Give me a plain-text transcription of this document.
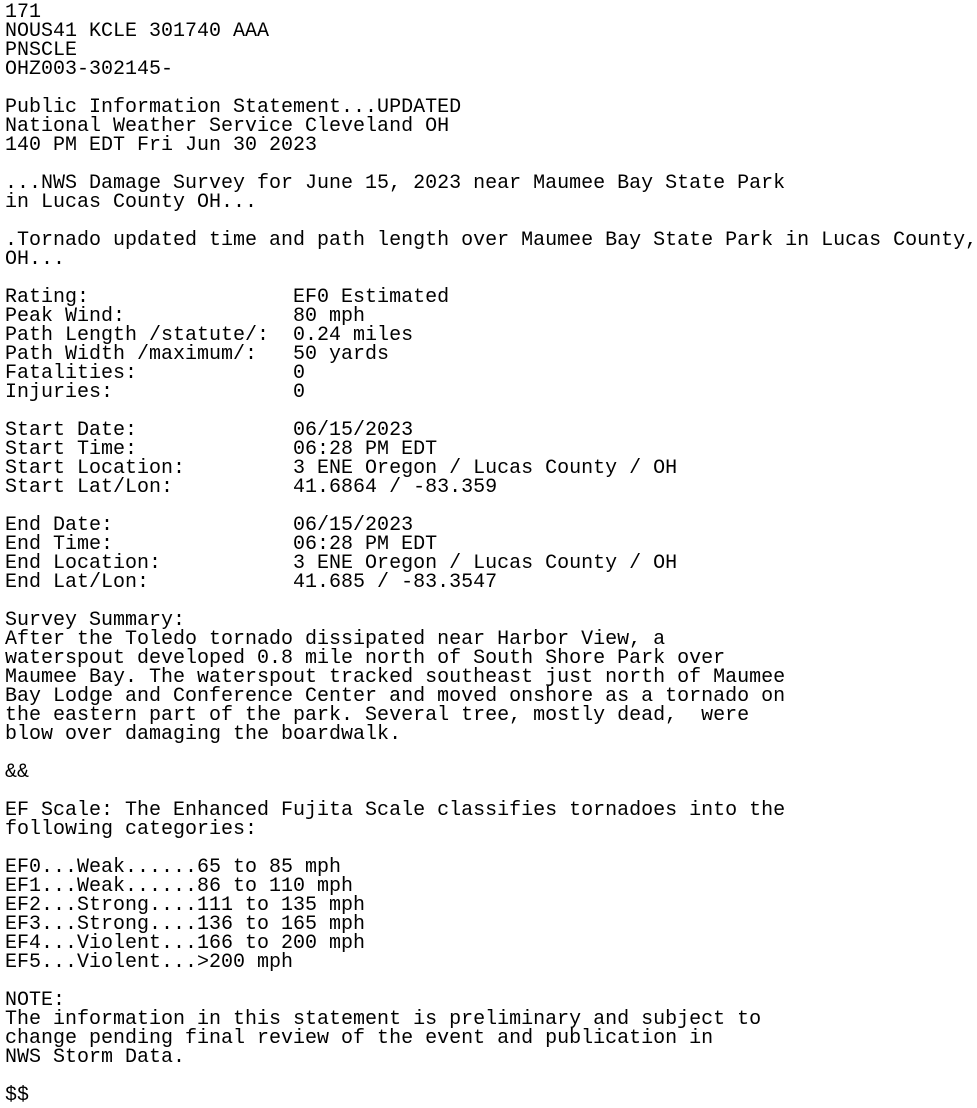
171
NOUS41 KCLE 301740 AAA
PNSCLE
OHZ003-302145-
Public Information Statement...UPDATED
National Weather Service Cleveland OH
140 PM EDT Fri Jun 30 2023
...NWS Damage Survey for June 15, 2023 near Maumee Bay State Park
in Lucas County OH...
.Tornado updated time and path length over Maumee Bay State Park in Lucas County,
OH...
Rating:                 EF0 Estimated
Peak Wind:              80 mph
Path Length /statute/:  0.24 miles
Path Width /maximum/:   50 yards
Fatalities:             0
Injuries:               0
Start Date:             06/15/2023
Start Time:             06:28 PM EDT
Start Location:         3 ENE Oregon / Lucas County / OH
Start Lat/Lon:          41.6864 / -83.359
End Date:               06/15/2023
End Time:               06:28 PM EDT
End Location:           3 ENE Oregon / Lucas County / OH
End Lat/Lon:            41.685 / -83.3547
Survey Summary:
After the Toledo tornado dissipated near Harbor View, a
waterspout developed 0.8 mile north of South Shore Park over
Maumee Bay. The waterspout tracked southeast just north of Maumee
Bay Lodge and Conference Center and moved onshore as a tornado on
the eastern part of the park. Several tree, mostly dead,  were
blow over damaging the boardwalk.
&&
EF Scale: The Enhanced Fujita Scale classifies tornadoes into the
following categories:
EF0...Weak......65 to 85 mph
EF1...Weak......86 to 110 mph
EF2...Strong....111 to 135 mph
EF3...Strong....136 to 165 mph
EF4...Violent...166 to 200 mph
EF5...Violent...>200 mph
NOTE:
The information in this statement is preliminary and subject to
change pending final review of the event and publication in
NWS Storm Data.
$$
